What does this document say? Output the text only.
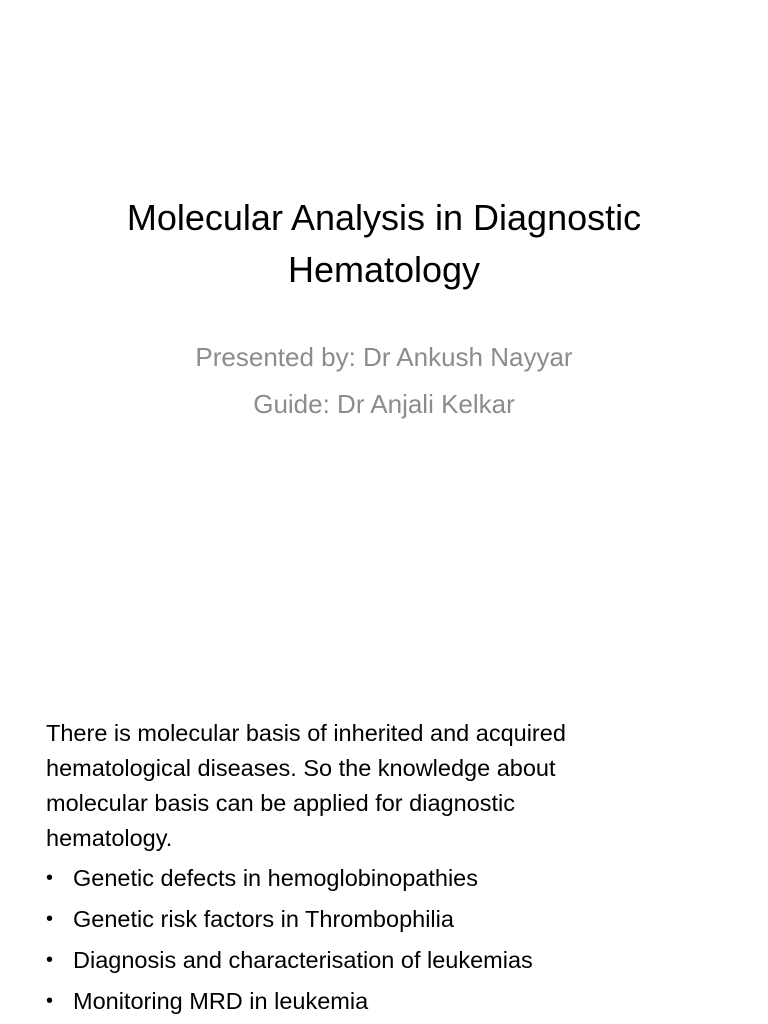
Molecular Analysis in Diagnostic
Hematology
Presented by: Dr Ankush Nayyar
Guide: Dr Anjali Kelkar
There is molecular basis of inherited and acquired
hematological diseases. So the knowledge about
molecular basis can be applied for diagnostic
hematology.
• Genetic defects in hemoglobinopathies
• Genetic risk factors in Thrombophilia
• Diagnosis and characterisation of leukemias
• Monitoring MRD in leukemia
